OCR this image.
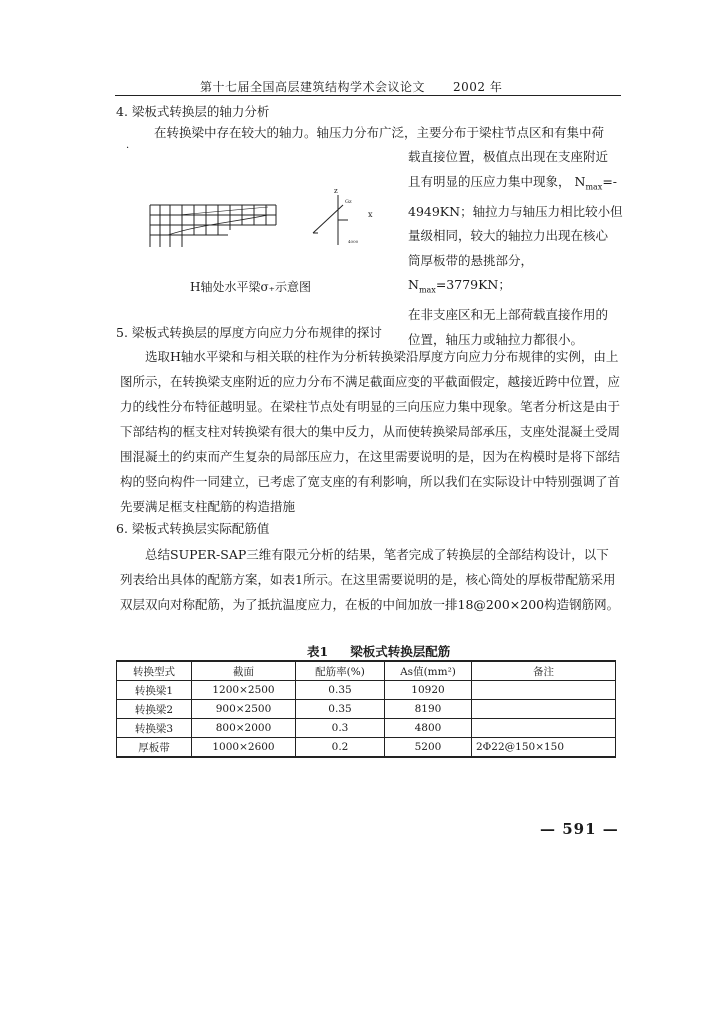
第十七届全国高层建筑结构学术会议论文 2002 年
4. 梁板式转换层的轴力分析
在转换梁中存在较大的轴力。轴压力分布广泛，主要分布于梁柱节点区和有集中荷
·
载直接位置，极值点出现在支座附近
且有明显的压应力集中现象， $N_{max}=-$
4949KN；轴拉力与轴压力相比较小但
量级相同，较大的轴拉力出现在核心
筒厚板带的悬挑部分， $N_{max}=3779KN$；
在非支座区和无上部荷载直接作用的
位置，轴压力或轴拉力都很小。
z
x
Gz
4000
H轴处水平梁σ₊示意图
5. 梁板式转换层的厚度方向应力分布规律的探讨
选取H轴水平梁和与相关联的柱作为分析转换梁沿厚度方向应力分布规律的实例，由上图所示，在转换梁支座附近的应力分布不满足截面应变的平截面假定，越接近跨中位置，应力的线性分布特征越明显。在梁柱节点处有明显的三向压应力集中现象。笔者分析这是由于下部结构的框支柱对转换梁有很大的集中反力，从而使转换梁局部承压，支座处混凝土受周围混凝土的约束而产生复杂的局部压应力，在这里需要说明的是，因为在构模时是将下部结构的竖向构件一同建立，已考虑了宽支座的有利影响，所以我们在实际设计中特别强调了首先要满足框支柱配筋的构造措施
6. 梁板式转换层实际配筋值
总结SUPER-SAP三维有限元分析的结果，笔者完成了转换层的全部结构设计，以下列表给出具体的配筋方案，如表1所示。在这里需要说明的是，核心筒处的厚板带配筋采用双层双向对称配筋，为了抵抗温度应力，在板的中间加放一排18@200×200构造钢筋网。
表1 梁板式转换层配筋
转换型式	截面	配筋率(%)	As值(mm²)	备注
转换梁1	1200×2500	0.35	10920	
转换梁2	900×2500	0.35	8190	
转换梁3	800×2000	0.3	4800	
厚板带	1000×2600	0.2	5200	2Φ22@150×150
— 591 —
